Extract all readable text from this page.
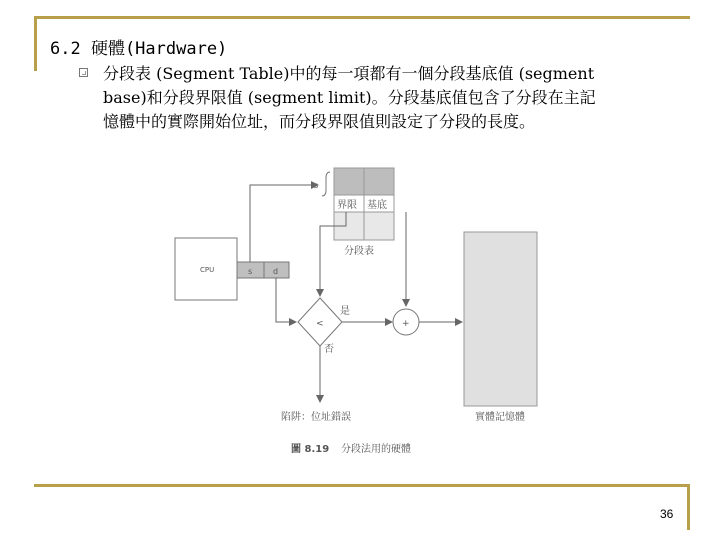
6.2 硬體(Hardware)
分段表 (Segment Table)中的每一項都有一個分段基底值 (segment
base)和分段界限值 (segment limit)。分段基底值包含了分段在主記
憶體中的實際開始位址，而分段界限值則設定了分段的長度。
CPU	s	d
界限 基底
分段表
s
<
是
否
+
實體記憶體
陷阱：位址錯誤
圖 8.19 分段法用的硬體
36
